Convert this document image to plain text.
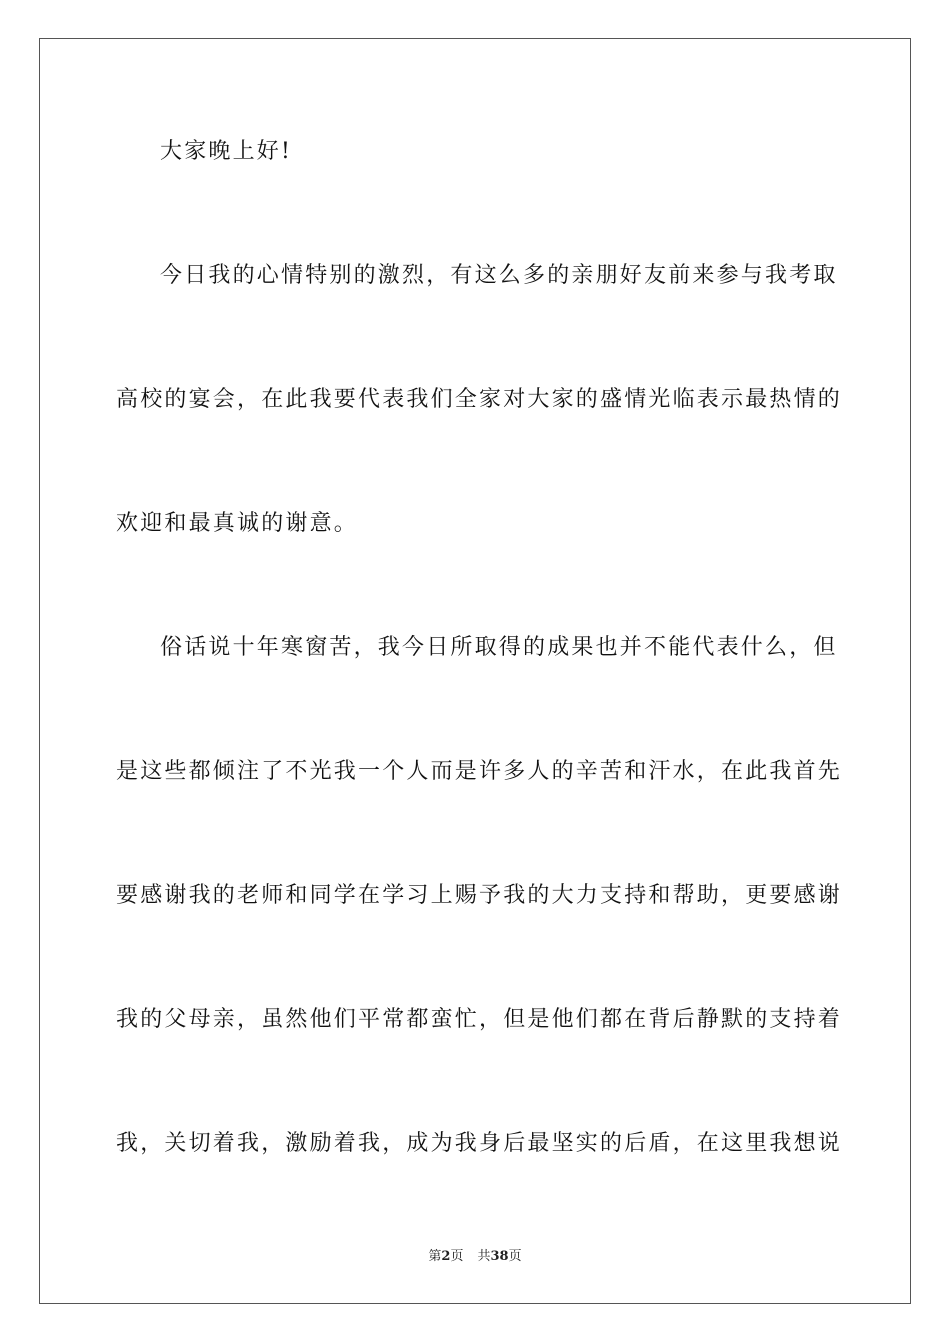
大家晚上好!
今日我的心情特别的激烈，有这么多的亲朋好友前来参与我考取
高校的宴会，在此我要代表我们全家对大家的盛情光临表示最热情的
欢迎和最真诚的谢意。
俗话说十年寒窗苦，我今日所取得的成果也并不能代表什么，但
是这些都倾注了不光我一个人而是许多人的辛苦和汗水，在此我首先
要感谢我的老师和同学在学习上赐予我的大力支持和帮助，更要感谢
我的父母亲，虽然他们平常都蛮忙，但是他们都在背后静默的支持着
我，关切着我，激励着我，成为我身后最坚实的后盾，在这里我想说
第2页 共38页
